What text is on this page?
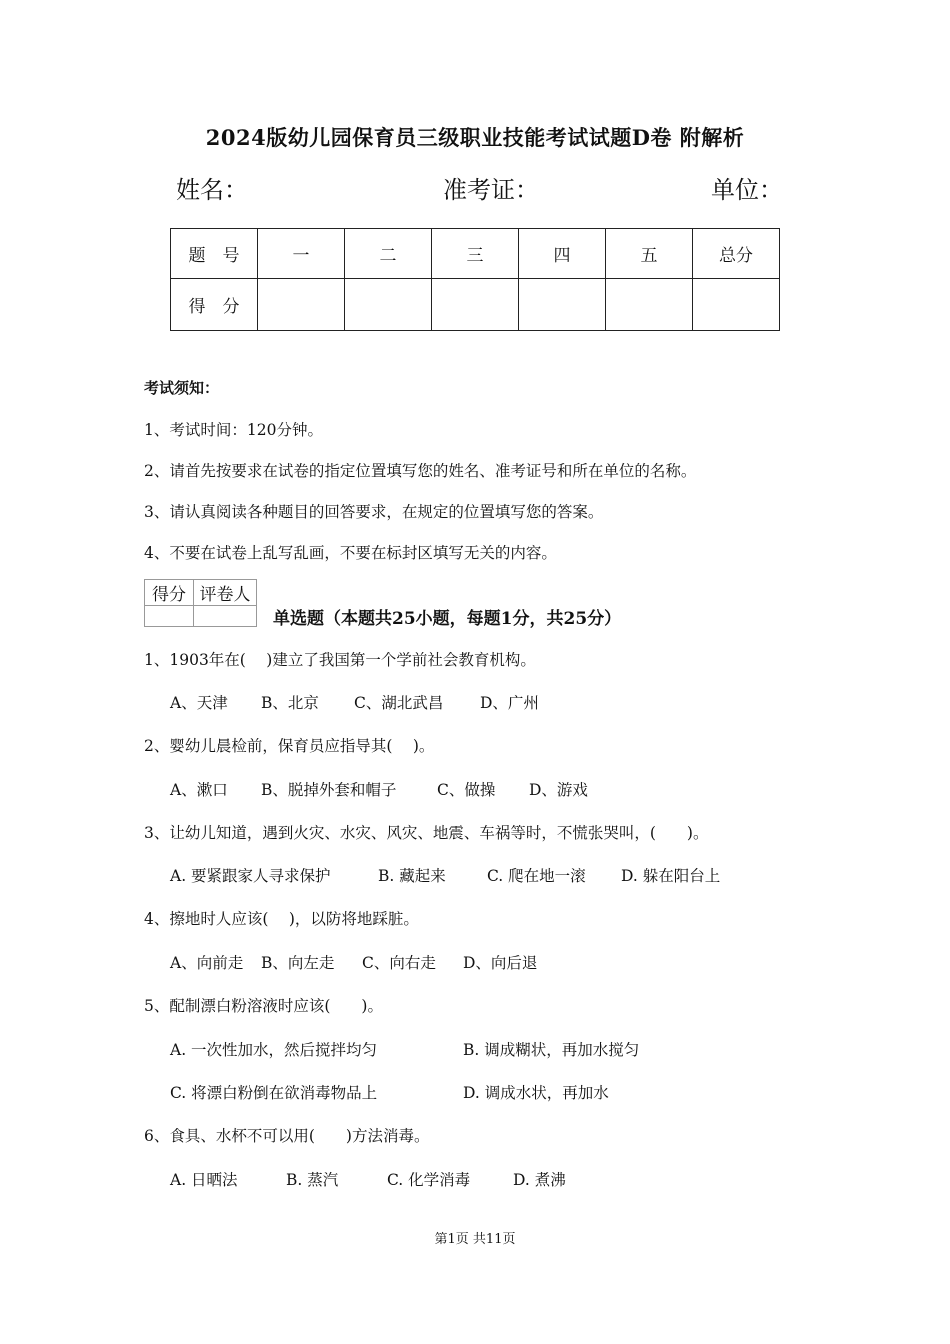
2024版幼儿园保育员三级职业技能考试试题D卷 附解析
姓名：	准考证：	单位：
题　号	一	二	三	四	五	总分
得　分						
考试须知：
1、考试时间：120分钟。
2、请首先按要求在试卷的指定位置填写您的姓名、准考证号和所在单位的名称。
3、请认真阅读各种题目的回答要求，在规定的位置填写您的答案。
4、不要在试卷上乱写乱画，不要在标封区填写无关的内容。
得分	评卷人

单选题（本题共25小题，每题1分，共25分）
1、1903年在(　 )建立了我国第一个学前社会教育机构。
A、天津 B、北京 C、湖北武昌 D、广州
2、婴幼儿晨检前，保育员应指导其(　 )。
A、漱口 B、脱掉外套和帽子	C、做操 D、游戏
3、让幼儿知道，遇到火灾、水灾、风灾、地震、车祸等时，不慌张哭叫，(　　)。
A. 要紧跟家人寻求保护	B. 藏起来	C. 爬在地一滚 D. 躲在阳台上
4、擦地时人应该(　 )，以防将地踩脏。
A、向前走 B、向左走 C、向右走 D、向后退
5、配制漂白粉溶液时应该(　　)。
A. 一次性加水，然后搅拌均匀	B. 调成糊状，再加水搅匀
C. 将漂白粉倒在欲消毒物品上	D. 调成水状，再加水
6、食具、水杯不可以用(　　)方法消毒。
A. 日晒法	B. 蒸汽	C. 化学消毒	D. 煮沸
第1页 共11页
